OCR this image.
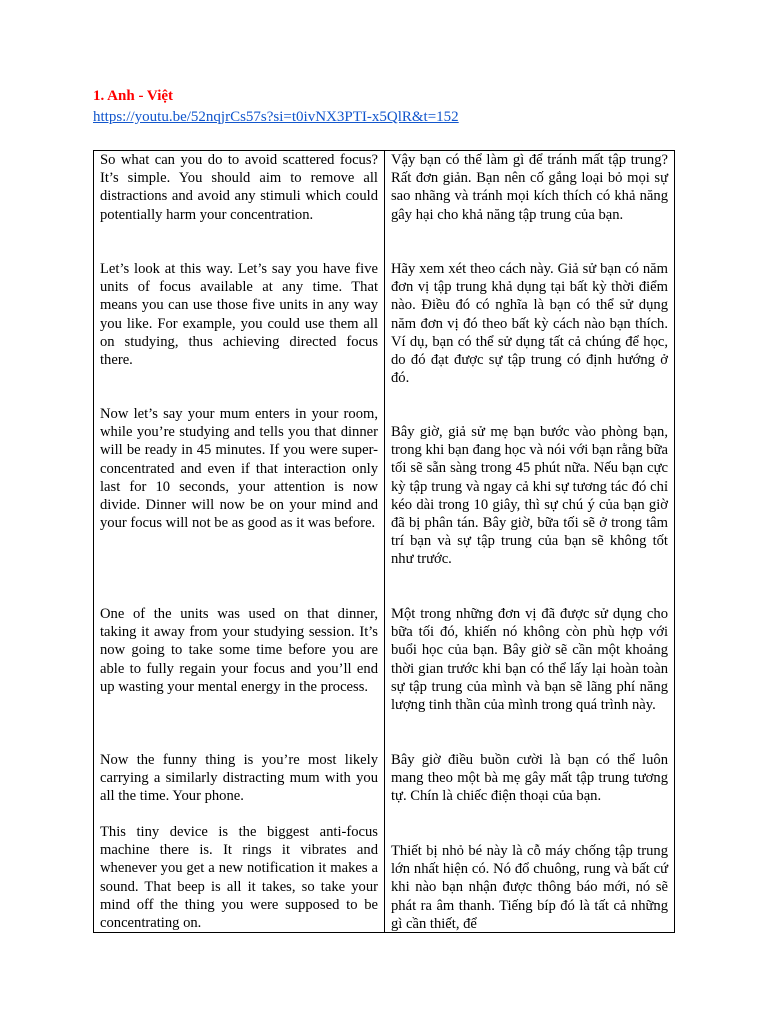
1. Anh - Việt
https://youtu.be/52nqjrCs57s?si=t0ivNX3PTI-x5QlR&t=152

So what can you do to avoid scattered focus? It’s simple. You should aim to remove all distractions and avoid any stimuli which could potentially harm your concentration.

Let’s look at this way. Let’s say you have five units of focus available at any time. That means you can use those five units in any way you like. For example, you could use them all on studying, thus achieving directed focus there.

Now let’s say your mum enters in your room, while you’re studying and tells you that dinner will be ready in 45 minutes. If you were super-concentrated and even if that interaction only last for 10 seconds, your attention is now divide. Dinner will now be on your mind and your focus will not be as good as it was before.

One of the units was used on that dinner, taking it away from your studying session. It’s now going to take some time before you are able to fully regain your focus and you’ll end up wasting your mental energy in the process.

Now the funny thing is you’re most likely carrying a similarly distracting mum with you all the time. Your phone.

This tiny device is the biggest anti-focus machine there is. It rings it vibrates and whenever you get a new notification it makes a sound. That beep is all it takes, so take your mind off the thing you were supposed to be concentrating on.

Vậy bạn có thể làm gì để tránh mất tập trung? Rất đơn giản. Bạn nên cố gắng loại bỏ mọi sự sao nhãng và tránh mọi kích thích có khả năng gây hại cho khả năng tập trung của bạn.

Hãy xem xét theo cách này. Giả sử bạn có năm đơn vị tập trung khả dụng tại bất kỳ thời điểm nào. Điều đó có nghĩa là bạn có thể sử dụng năm đơn vị đó theo bất kỳ cách nào bạn thích. Ví dụ, bạn có thể sử dụng tất cả chúng để học, do đó đạt được sự tập trung có định hướng ở đó.

Bây giờ, giả sử mẹ bạn bước vào phòng bạn, trong khi bạn đang học và nói với bạn rằng bữa tối sẽ sẵn sàng trong 45 phút nữa. Nếu bạn cực kỳ tập trung và ngay cả khi sự tương tác đó chỉ kéo dài trong 10 giây, thì sự chú ý của bạn giờ đã bị phân tán. Bây giờ, bữa tối sẽ ở trong tâm trí bạn và sự tập trung của bạn sẽ không tốt như trước.

Một trong những đơn vị đã được sử dụng cho bữa tối đó, khiến nó không còn phù hợp với buổi học của bạn. Bây giờ sẽ cần một khoảng thời gian trước khi bạn có thể lấy lại hoàn toàn sự tập trung của mình và bạn sẽ lãng phí năng lượng tinh thần của mình trong quá trình này.

Bây giờ điều buồn cười là bạn có thể luôn mang theo một bà mẹ gây mất tập trung tương tự. Chín là chiếc điện thoại của bạn.

Thiết bị nhỏ bé này là cỗ máy chống tập trung lớn nhất hiện có. Nó đổ chuông, rung và bất cứ khi nào bạn nhận được thông báo mới, nó sẽ phát ra âm thanh. Tiếng bíp đó là tất cả những gì cần thiết, để
